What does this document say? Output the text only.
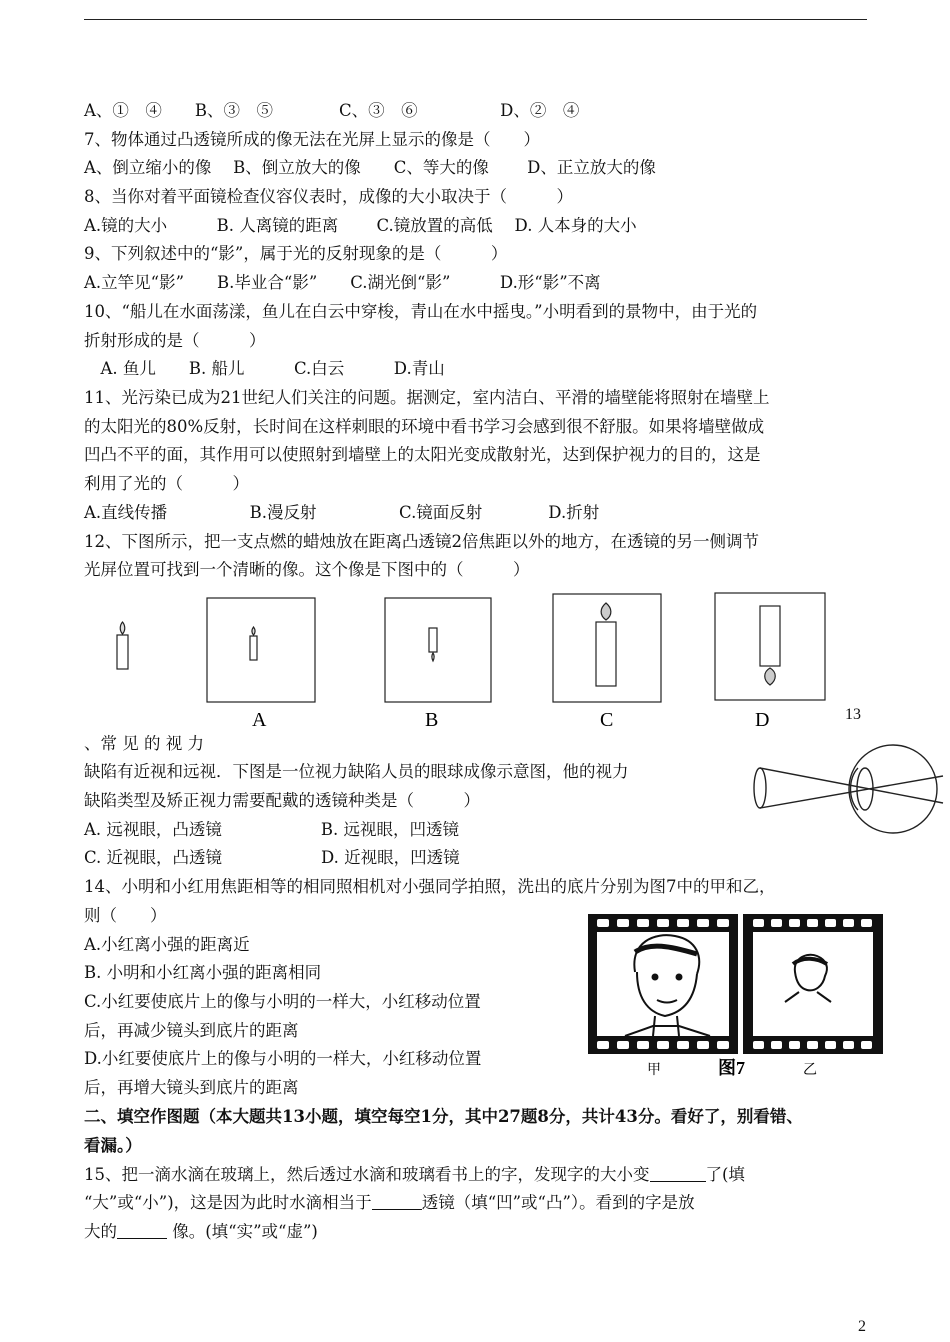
A、①　④　　B、③　⑤　　　　C、③　⑥　　　　　D、②　④
7、物体通过凸透镜所成的像无法在光屏上显示的像是（　　）
A、倒立缩小的像　 B、倒立放大的像　　C、等大的像　　 D、正立放大的像
8、当你对着平面镜检查仪容仪表时，成像的大小取决于（　　　）
A.镜的大小　　　B. 人离镜的距离　　 C.镜放置的高低　 D. 人本身的大小
9、下列叙述中的“影”，属于光的反射现象的是（　　　）
A.立竿见“影”　　B.毕业合“影”　　C.湖光倒“影”　　　D.形“影”不离
10、“船儿在水面荡漾，鱼儿在白云中穿梭，青山在水中摇曳。”小明看到的景物中，由于光的
折射形成的是（　　　）
　A. 鱼儿　　B. 船儿　　　C.白云　　　D.青山
11、光污染已成为21世纪人们关注的问题。据测定，室内洁白、平滑的墙壁能将照射在墙壁上
的太阳光的80%反射，长时间在这样刺眼的环境中看书学习会感到很不舒服。如果将墙壁做成
凹凸不平的面，其作用可以使照射到墙壁上的太阳光变成散射光，达到保护视力的目的，这是
利用了光的（　　　）
A.直线传播　　　　　B.漫反射　　　　　C.镜面反射　　　　D.折射
12、下图所示，把一支点燃的蜡烛放在距离凸透镜2倍焦距以外的地方，在透镜的另一侧调节
光屏位置可找到一个清晰的像。这个像是下图中的（　　　）
A	B	C	D	13
、常 见 的 视 力
缺陷有近视和远视．下图是一位视力缺陷人员的眼球成像示意图，他的视力
缺陷类型及矫正视力需要配戴的透镜种类是（　　　）
A. 远视眼，凸透镜　　　　　　B. 远视眼，凹透镜
C. 近视眼，凸透镜　　　　　　D. 近视眼，凹透镜
14、小明和小红用焦距相等的相同照相机对小强同学拍照，洗出的底片分别为图7中的甲和乙，
则（　　）
A.小红离小强的距离近
B. 小明和小红离小强的距离相同
C.小红要使底片上的像与小明的一样大，小红移动位置
后，再减少镜头到底片的距离
D.小红要使底片上的像与小明的一样大，小红移动位置
后，再增大镜头到底片的距离
甲	图7	乙
二、填空作图题（本大题共13小题，填空每空1分，其中27题8分，共计43分。看好了，别看错、
看漏。）
15、把一滴水滴在玻璃上，然后透过水滴和玻璃看书上的字，发现字的大小变	了(填
“大”或“小”)，这是因为此时水滴相当于	透镜（填“凹”或“凸”）。看到的字是放
大的	像。(填“实”或“虚”)
2
